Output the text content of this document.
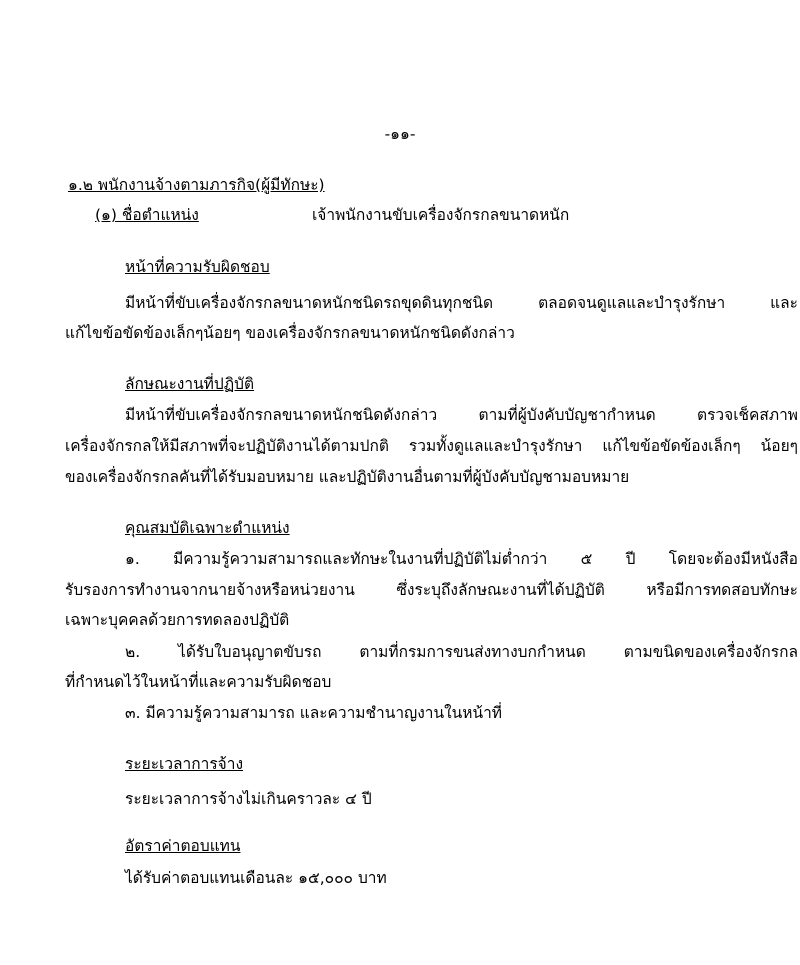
-๑๑-
๑.๒ พนักงานจ้างตามภารกิจ(ผู้มีทักษะ)
(๑) ชื่อตำแหน่ง	เจ้าพนักงานขับเครื่องจักรกลขนาดหนัก
หน้าที่ความรับผิดชอบ
มีหน้าที่ขับเครื่องจักรกลขนาดหนักชนิดรถขุดดินทุกชนิด ตลอดจนดูแลและบำรุงรักษา และ
แก้ไขข้อขัดข้องเล็กๆน้อยๆ ของเครื่องจักรกลขนาดหนักชนิดดังกล่าว
ลักษณะงานที่ปฏิบัติ
มีหน้าที่ขับเครื่องจักรกลขนาดหนักชนิดดังกล่าว ตามที่ผู้บังคับบัญชากำหนด ตรวจเช็คสภาพ
เครื่องจักรกลให้มีสภาพที่จะปฏิบัติงานได้ตามปกติ รวมทั้งดูแลและบำรุงรักษา แก้ไขข้อขัดข้องเล็กๆ น้อยๆ
ของเครื่องจักรกลคันที่ได้รับมอบหมาย และปฏิบัติงานอื่นตามที่ผู้บังคับบัญชามอบหมาย
คุณสมบัติเฉพาะตำแหน่ง
๑. มีความรู้ความสามารถและทักษะในงานที่ปฏิบัติไม่ต่ำกว่า ๕ ปี โดยจะต้องมีหนังสือ
รับรองการทำงานจากนายจ้างหรือหน่วยงาน ซึ่งระบุถึงลักษณะงานที่ได้ปฏิบัติ หรือมีการทดสอบทักษะ
เฉพาะบุคคลด้วยการทดลองปฏิบัติ
๒. ได้รับใบอนุญาตขับรถ ตามที่กรมการขนส่งทางบกกำหนด ตามขนิดของเครื่องจักรกล
ที่กำหนดไว้ในหน้าที่และความรับผิดชอบ
๓. มีความรู้ความสามารถ และความชำนาญงานในหน้าที่
ระยะเวลาการจ้าง
ระยะเวลาการจ้างไม่เกินคราวละ ๔ ปี
อัตราค่าตอบแทน
ได้รับค่าตอบแทนเดือนละ ๑๕,๐๐๐ บาท
